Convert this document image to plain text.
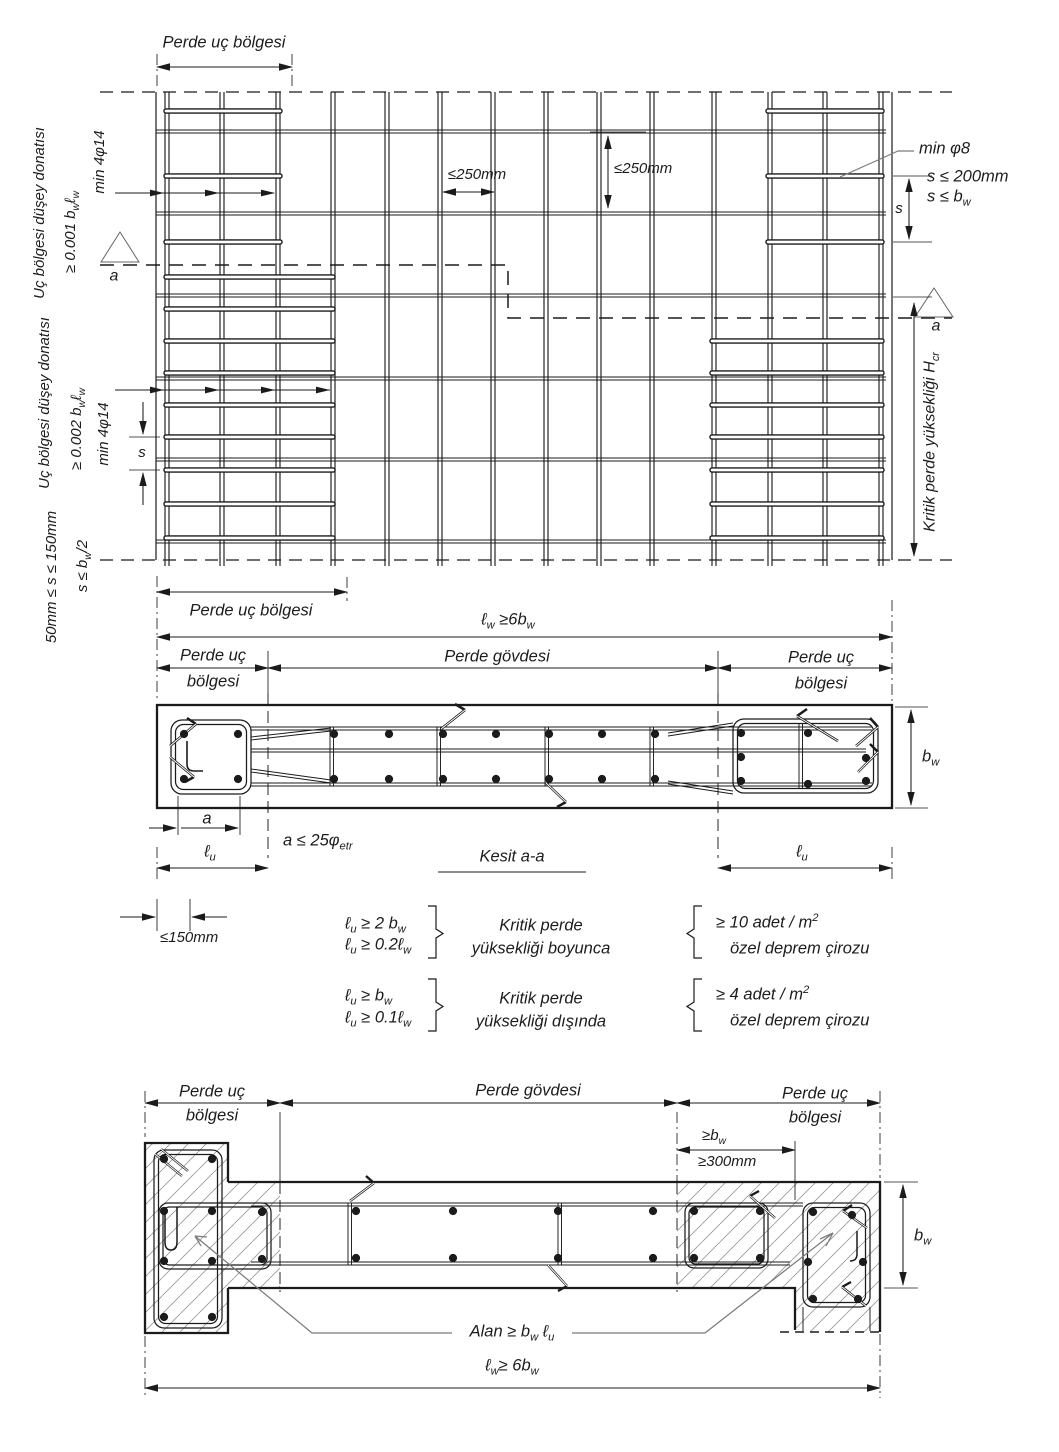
Perde uç bölgesi
Uç bölgesi düşey donatısı ≥ 0.001 $b_w\ell_w$
min 4φ14
a
≤250mm	≤250mm
min φ8
s ≤ 200mm
$s \le b_w$
s
a
Kritik perde yüksekliği $H_{cr}$
Uç bölgesi düşey donatısı ≥ 0.002 $b_w\ell_w$
min 4φ14 s
50mm ≤ s ≤ 150mm $s \le b_w/2$
Perde uç bölgesi	ℓ$_w$ $\ge 6b_w$
Perde uç
bölgesi
Perde gövdesi	Perde uç
bölgesi
$b_w$
a
$a \le 25\varphi_{etr}$
ℓ$_u$
≤150mm
ℓ$_u$
Kesit a-a
ℓ$_u$ ≥ 2 $b_w$
ℓ$_u$ ≥ 0.2ℓ$_w$
Kritik perde
yüksekliği boyunca
≥ 10 adet / $m^2$
özel deprem çirozu
ℓ$_u$ ≥ $b_w$
ℓ$_u$ ≥ 0.1ℓ$_w$
Kritik perde
yüksekliği dışında
≥ 4 adet / $m^2$
özel deprem çirozu
Perde uç
bölgesi
Perde gövdesi	Perde uç
bölgesi
$\ge b_w$
≥300mm
$b_w$
Alan ≥ $b_w$ ℓ$_u$
ℓ$_w$≥ $6b_w$
